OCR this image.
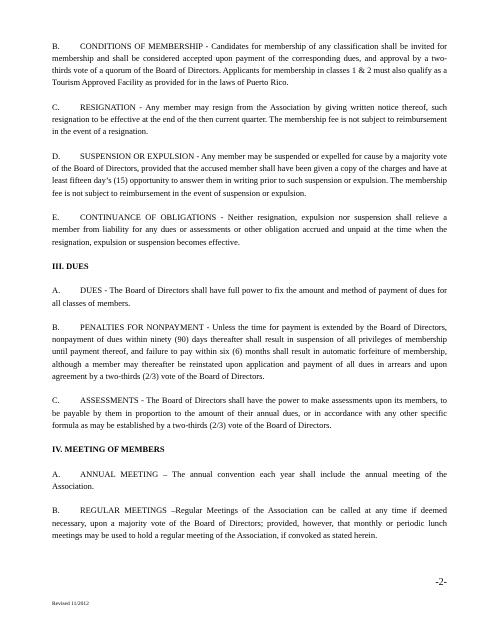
B. CONDITIONS OF MEMBERSHIP - Candidates for membership of any classification shall be invited for membership and shall be considered accepted upon payment of the corresponding dues, and approval by a two-thirds vote of a quorum of the Board of Directors. Applicants for membership in classes 1 & 2 must also qualify as a Tourism Approved Facility as provided for in the laws of Puerto Rico.

C. RESIGNATION - Any member may resign from the Association by giving written notice thereof, such resignation to be effective at the end of the then current quarter. The membership fee is not subject to reimbursement in the event of a resignation.

D. SUSPENSION OR EXPULSION - Any member may be suspended or expelled for cause by a majority vote of the Board of Directors, provided that the accused member shall have been given a copy of the charges and have at least fifteen day’s (15) opportunity to answer them in writing prior to such suspension or expulsion. The membership fee is not subject to reimbursement in the event of suspension or expulsion.

E. CONTINUANCE OF OBLIGATIONS - Neither resignation, expulsion nor suspension shall relieve a member from liability for any dues or assessments or other obligation accrued and unpaid at the time when the resignation, expulsion or suspension becomes effective.

III. DUES

A. DUES - The Board of Directors shall have full power to fix the amount and method of payment of dues for all classes of members.

B. PENALTIES FOR NONPAYMENT - Unless the time for payment is extended by the Board of Directors, nonpayment of dues within ninety (90) days thereafter shall result in suspension of all privileges of membership until payment thereof, and failure to pay within six (6) months shall result in automatic forfeiture of membership, although a member may thereafter be reinstated upon application and payment of all dues in arrears and upon agreement by a two-thirds (2/3) vote of the Board of Directors.

C. ASSESSMENTS - The Board of Directors shall have the power to make assessments upon its members, to be payable by them in proportion to the amount of their annual dues, or in accordance with any other specific formula as may be established by a two-thirds (2/3) vote of the Board of Directors.

IV. MEETING OF MEMBERS

A. ANNUAL MEETING – The annual convention each year shall include the annual meeting of the Association.

B. REGULAR MEETINGS –Regular Meetings of the Association can be called at any time if deemed necessary, upon a majority vote of the Board of Directors; provided, however, that monthly or periodic lunch meetings may be used to hold a regular meeting of the Association, if convoked as stated herein.

-2-
Revised 11/2012
